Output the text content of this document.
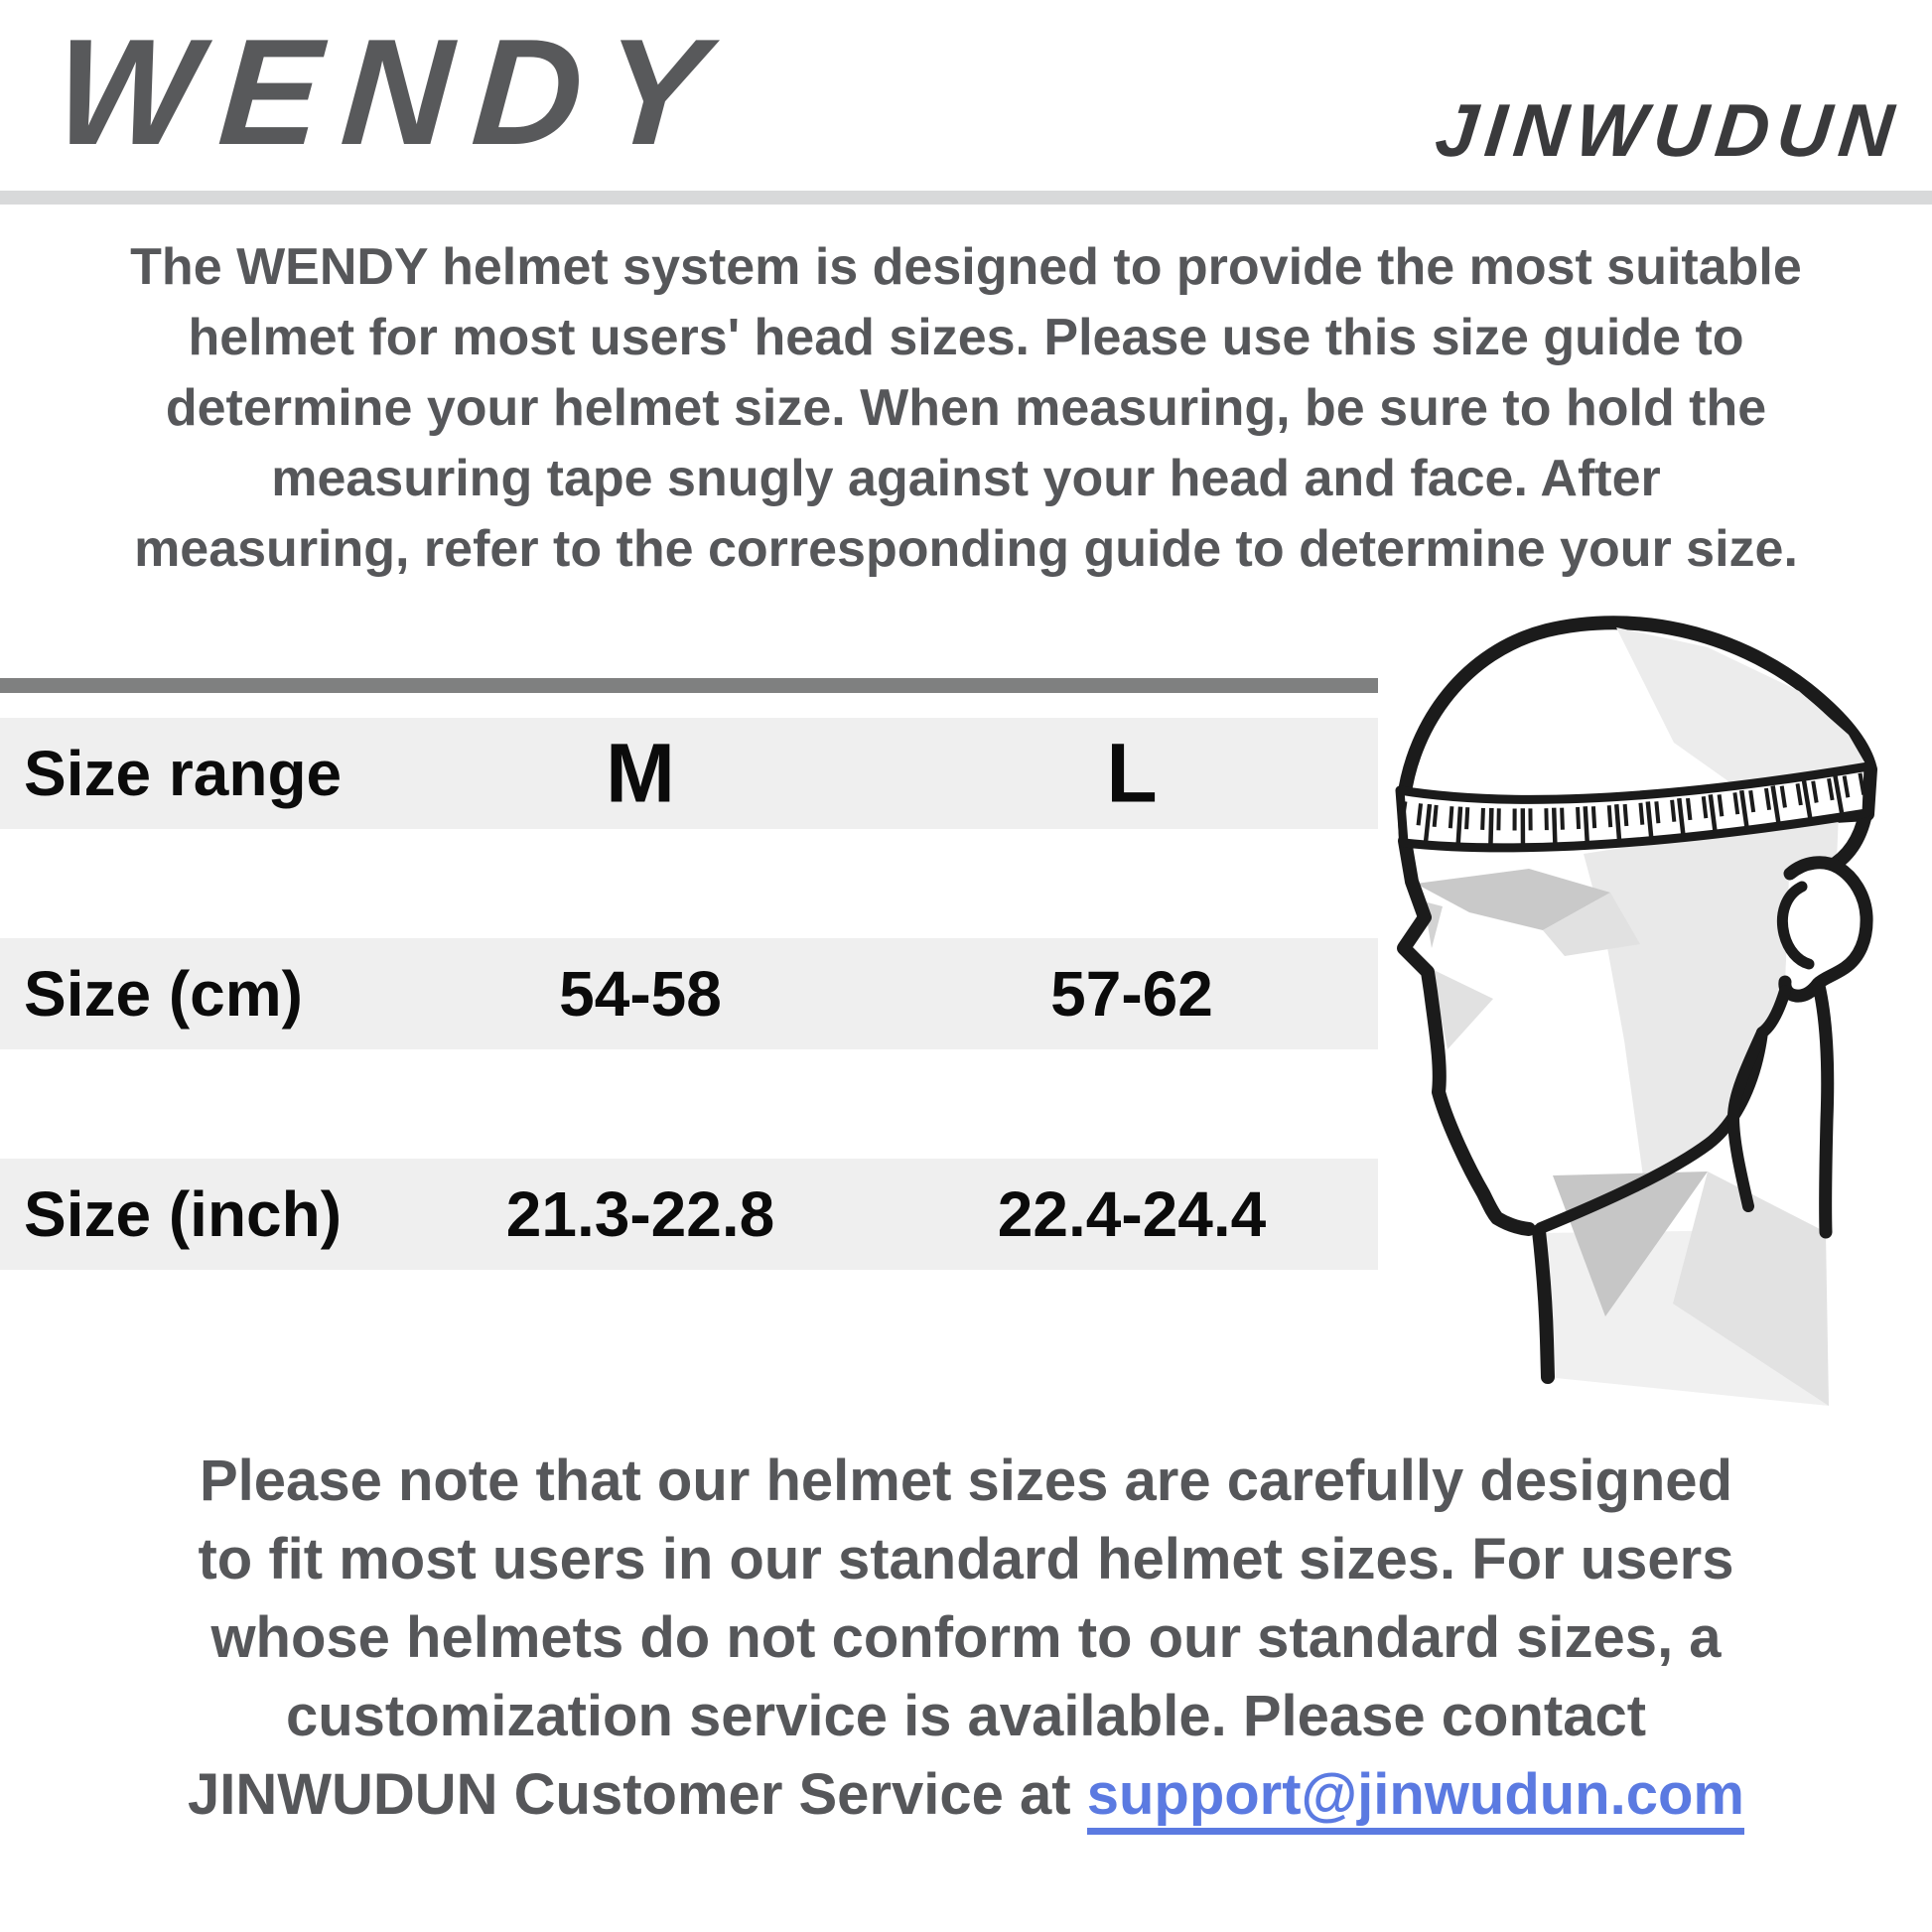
WENDY	JINWUDUN
The WENDY helmet system is designed to provide the most suitable
helmet for most users' head sizes. Please use this size guide to
determine your helmet size. When measuring, be sure to hold the
measuring tape snugly against your head and face. After
measuring, refer to the corresponding guide to determine your size.
Size range	M	L
Size (cm)	54-58	57-62
Size (inch)	21.3-22.8	22.4-24.4
Please note that our helmet sizes are carefully designed
to fit most users in our standard helmet sizes. For users
whose helmets do not conform to our standard sizes, a
customization service is available. Please contact
JINWUDUN Customer Service at support@jinwudun.com
